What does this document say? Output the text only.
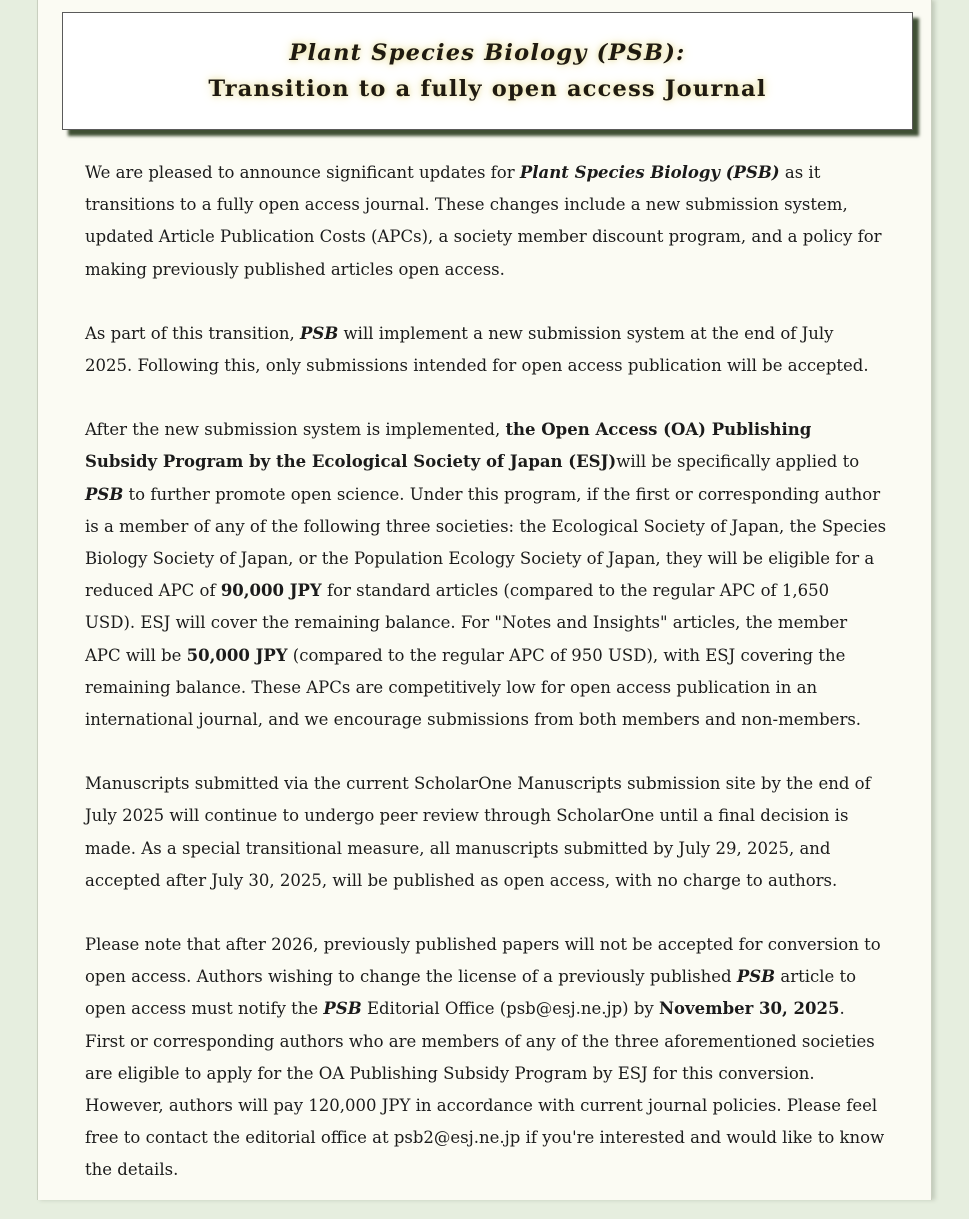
Plant Species Biology (PSB):
Transition to a fully open access Journal

We are pleased to announce significant updates for Plant Species Biology (PSB) as it
transitions to a fully open access journal. These changes include a new submission system,
updated Article Publication Costs (APCs), a society member discount program, and a policy for
making previously published articles open access.

As part of this transition, PSB will implement a new submission system at the end of July
2025. Following this, only submissions intended for open access publication will be accepted.

After the new submission system is implemented, the Open Access (OA) Publishing
Subsidy Program by the Ecological Society of Japan (ESJ)will be specifically applied to
PSB to further promote open science. Under this program, if the first or corresponding author
is a member of any of the following three societies: the Ecological Society of Japan, the Species
Biology Society of Japan, or the Population Ecology Society of Japan, they will be eligible for a
reduced APC of 90,000 JPY for standard articles (compared to the regular APC of 1,650
USD). ESJ will cover the remaining balance. For "Notes and Insights" articles, the member
APC will be 50,000 JPY (compared to the regular APC of 950 USD), with ESJ covering the
remaining balance. These APCs are competitively low for open access publication in an
international journal, and we encourage submissions from both members and non-members.

Manuscripts submitted via the current ScholarOne Manuscripts submission site by the end of
July 2025 will continue to undergo peer review through ScholarOne until a final decision is
made. As a special transitional measure, all manuscripts submitted by July 29, 2025, and
accepted after July 30, 2025, will be published as open access, with no charge to authors.

Please note that after 2026, previously published papers will not be accepted for conversion to
open access. Authors wishing to change the license of a previously published PSB article to
open access must notify the PSB Editorial Office (psb@esj.ne.jp) by November 30, 2025.
First or corresponding authors who are members of any of the three aforementioned societies
are eligible to apply for the OA Publishing Subsidy Program by ESJ for this conversion.
However, authors will pay 120,000 JPY in accordance with current journal policies. Please feel
free to contact the editorial office at psb2@esj.ne.jp if you're interested and would like to know
the details.
